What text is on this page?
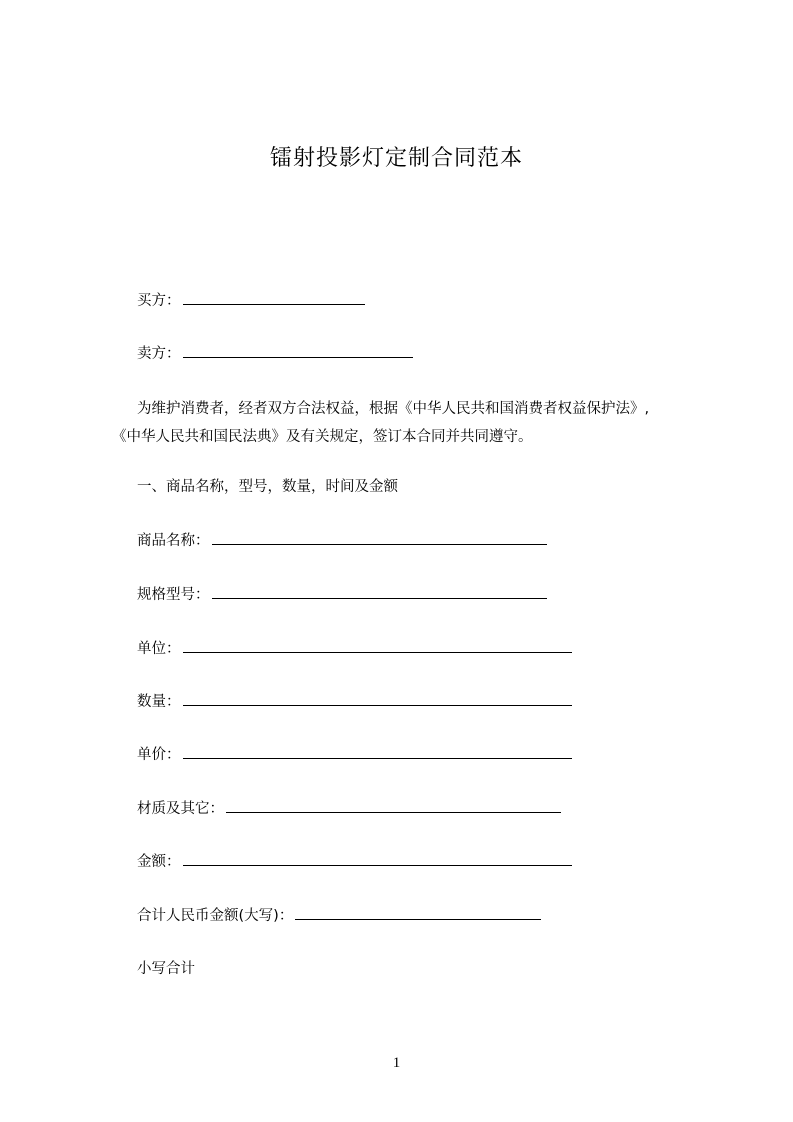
镭射投影灯定制合同范本
买方：
卖方：
为维护消费者，经者双方合法权益，根据《中华人民共和国消费者权益保护法》,
《中华人民共和国民法典》及有关规定，签订本合同并共同遵守。
一、商品名称，型号，数量，时间及金额
商品名称：
规格型号：
单位：
数量：
单价：
材质及其它：
金额：
合计人民币金额(大写)：
小写合计
1
